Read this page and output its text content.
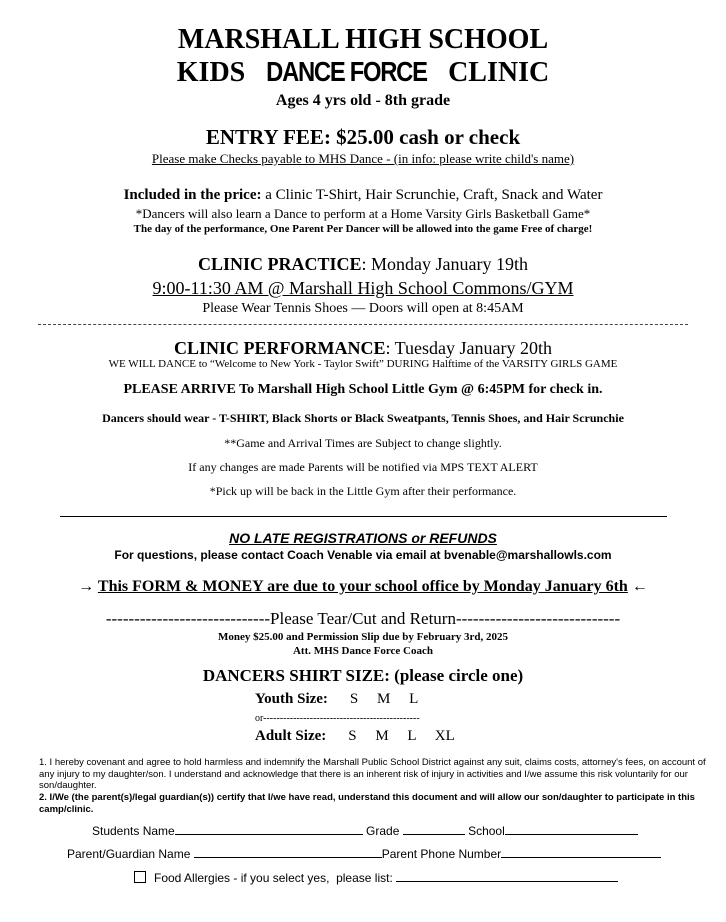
MARSHALL HIGH SCHOOL
KIDS DANCE FORCE CLINIC
Ages 4 yrs old - 8th grade
ENTRY FEE: $25.00 cash or check
Please make Checks payable to MHS Dance - (in info: please write child's name)
Included in the price: a Clinic T-Shirt, Hair Scrunchie, Craft, Snack and Water
*Dancers will also learn a Dance to perform at a Home Varsity Girls Basketball Game*
The day of the performance, One Parent Per Dancer will be allowed into the game Free of charge!
CLINIC PRACTICE: Monday January 19th
9:00-11:30 AM @ Marshall High School Commons/GYM
Please Wear Tennis Shoes — Doors will open at 8:45AM
CLINIC PERFORMANCE: Tuesday January 20th
WE WILL DANCE to “Welcome to New York - Taylor Swift” DURING Halftime of the VARSITY GIRLS GAME
PLEASE ARRIVE To Marshall High School Little Gym @ 6:45PM for check in.
Dancers should wear - T-SHIRT, Black Shorts or Black Sweatpants, Tennis Shoes, and Hair Scrunchie
**Game and Arrival Times are Subject to change slightly.
If any changes are made Parents will be notified via MPS TEXT ALERT
*Pick up will be back in the Little Gym after their performance.
NO LATE REGISTRATIONS or REFUNDS
For questions, please contact Coach Venable via email at bvenable@marshallowls.com
→ This FORM & MONEY are due to your school office by Monday January 6th ←
-----------------------------Please Tear/Cut and Return-----------------------------
Money $25.00 and Permission Slip due by February 3rd, 2025
Att. MHS Dance Force Coach
DANCERS SHIRT SIZE: (please circle one)
Youth Size: S     M     L
or-----------------------------------------------
Adult Size: S     M     L     XL
1. I hereby covenant and agree to hold harmless and indemnify the Marshall Public School District against any suit, claims costs, attorney's fees, on account of any injury to my daughter/son. I understand and acknowledge that there is an inherent risk of injury in activities and I/we assume this risk voluntarily for our son/daughter.
2. I/We (the parent(s)/legal guardian(s)) certify that I/we have read, understand this document and will allow our son/daughter to participate in this camp/clinic.
Students Name	Grade	School
Parent/Guardian Name	Parent Phone Number
Food Allergies - if you select yes,  please list:
